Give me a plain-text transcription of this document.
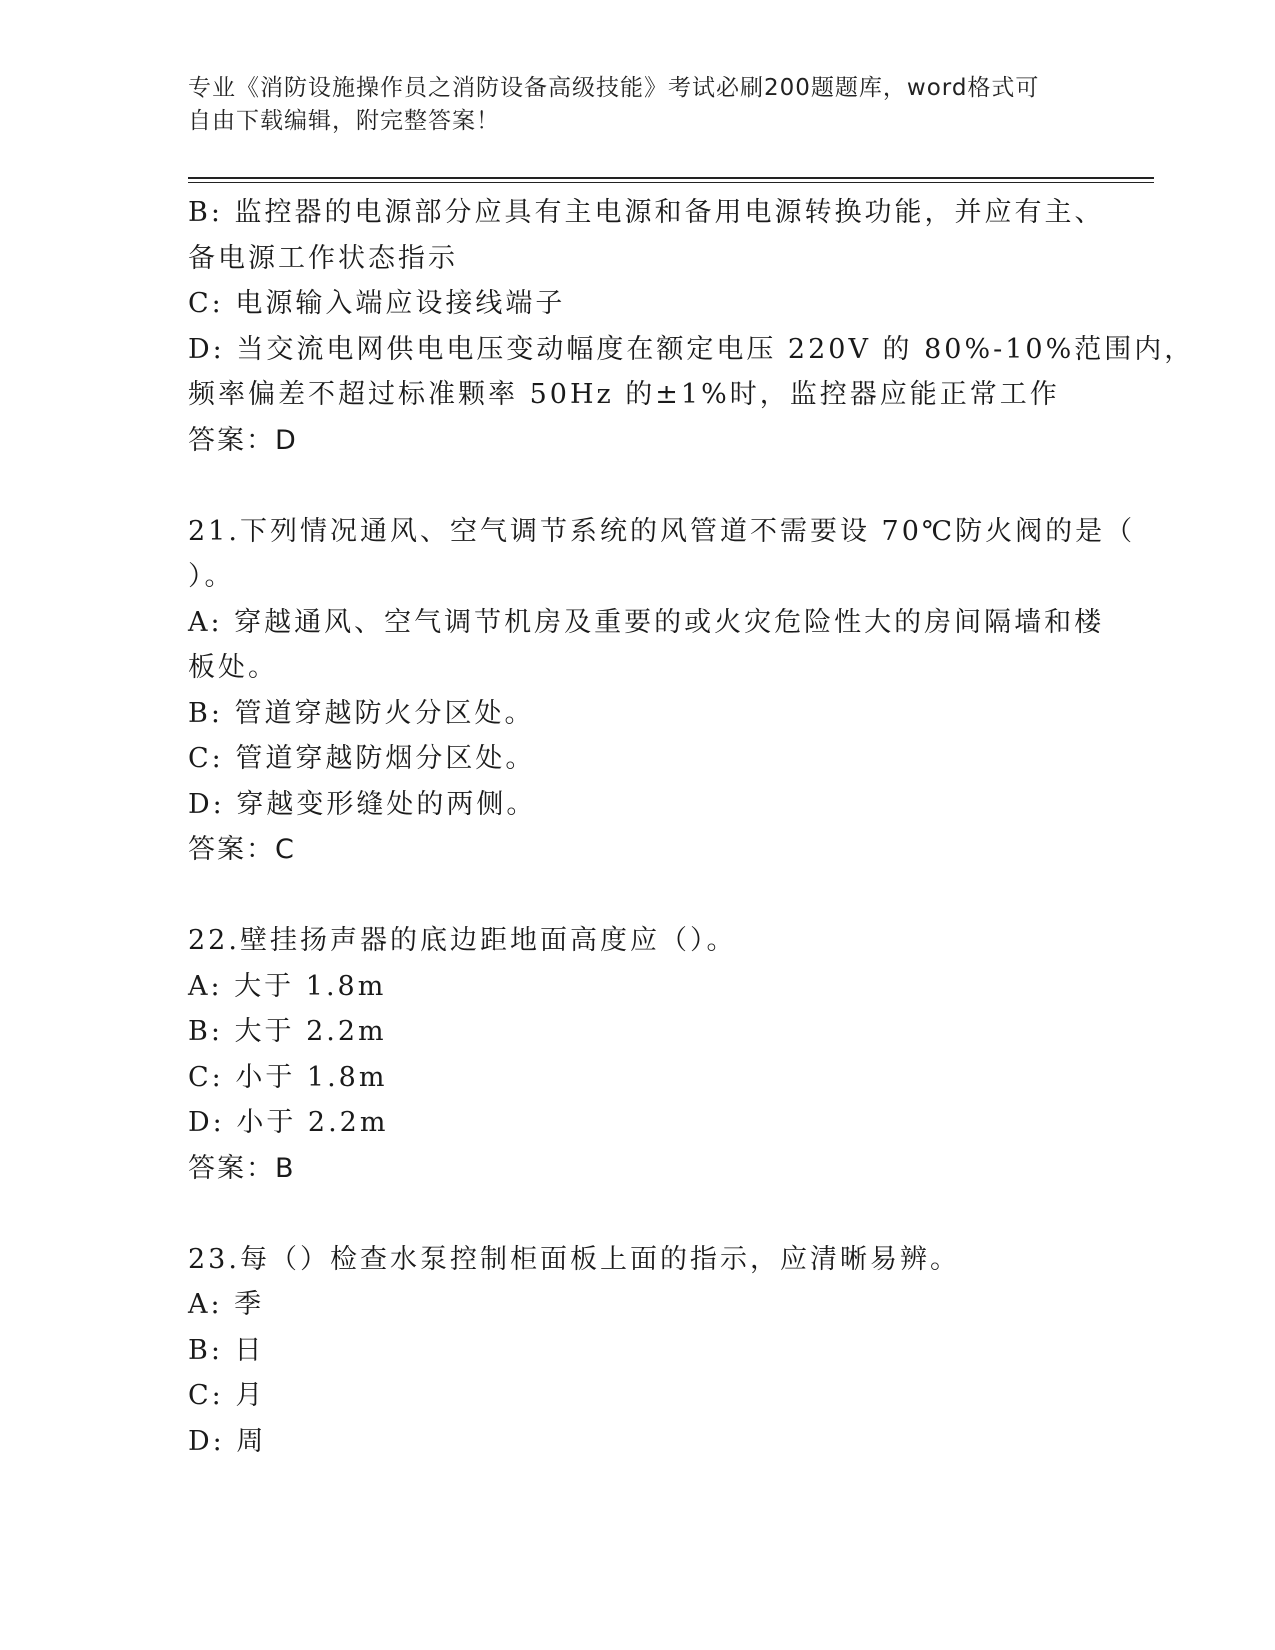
专业《消防设施操作员之消防设备高级技能》考试必刷200题题库，word格式可
自由下载编辑，附完整答案！
B: 监控器的电源部分应具有主电源和备用电源转换功能，并应有主、
备电源工作状态指示
C: 电源输入端应设接线端子
D: 当交流电网供电电压变动幅度在额定电压 220V 的 80%-10%范围内，
频率偏差不超过标准颗率 50Hz 的±1%时，监控器应能正常工作
答案：D
21.下列情况通风、空气调节系统的风管道不需要设 70℃防火阀的是（
）。
A: 穿越通风、空气调节机房及重要的或火灾危险性大的房间隔墙和楼
板处。
B: 管道穿越防火分区处。
C: 管道穿越防烟分区处。
D: 穿越变形缝处的两侧。
答案：C
22.壁挂扬声器的底边距地面高度应（）。
A: 大于 1.8m
B: 大于 2.2m
C: 小于 1.8m
D: 小于 2.2m
答案：B
23.每（）检查水泵控制柜面板上面的指示，应清晰易辨。
A: 季
B: 日
C: 月
D: 周
